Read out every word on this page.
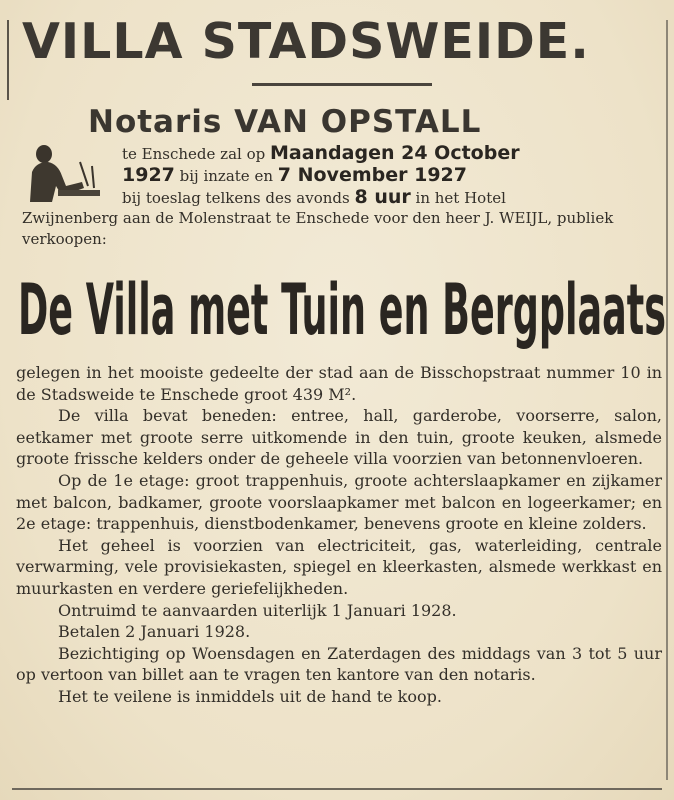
VILLA STADSWEIDE.
Notaris VAN OPSTALL
te Enschede zal op Maandagen 24 October
1927 bij inzate en 7 November 1927
bij toeslag telkens des avonds 8 uur in het Hotel
Zwijnenberg aan de Molenstraat te Enschede voor den heer J. WEIJL, publiek verkoopen:
De Villa met Tuin en Bergplaats

gelegen in het mooiste gedeelte der stad aan de Bisschopstraat nummer 10 in de Stadsweide te Enschede groot 439 M².

De villa bevat beneden: entree, hall, garderobe, voorserre, salon, eetkamer met groote serre uitkomende in den tuin, groote keuken, alsmede groote frissche kelders onder de geheele villa voorzien van betonnenvloeren.

Op de 1e etage: groot trappenhuis, groote achterslaapkamer en zijkamer met balcon, badkamer, groote voorslaapkamer met balcon en logeerkamer; en 2e etage: trappenhuis, dienstbodenkamer, benevens groote en kleine zolders.

Het geheel is voorzien van electriciteit, gas, waterleiding, centrale verwarming, vele provisiekasten, spiegel en kleerkasten, alsmede werkkast en muurkasten en verdere geriefelijkheden.

Ontruimd te aanvaarden uiterlijk 1 Januari 1928.

Betalen 2 Januari 1928.

Bezichtiging op Woensdagen en Zaterdagen des middags van 3 tot 5 uur op vertoon van billet aan te vragen ten kantore van den notaris.

Het te veilene is inmiddels uit de hand te koop.
